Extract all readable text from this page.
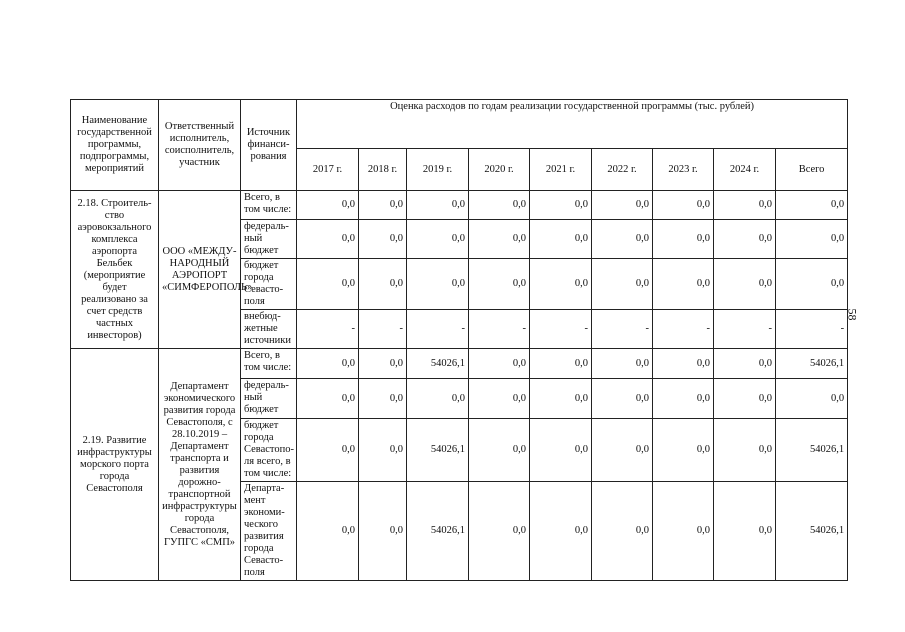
Наименование государственной программы, подпрограммы, мероприятий	Ответственный исполнитель, соисполнитель, участник	Источник финанси-рования	Оценка расходов по годам реализации государственной программы (тыс. рублей)								
			2017 г.	2018 г.	2019 г.	2020 г.	2021 г.	2022 г.	2023 г.	2024 г.	Всего
2.18. Строитель-ство аэровокзального комплекса аэропорта Бельбек (мероприятие будет реализовано за счет средств частных инвесторов)	ООО «МЕЖДУ-НАРОДНЫЙ АЭРОПОРТ «СИМФЕРОПОЛЬ»	Всего, в том числе:	0,0	0,0	0,0	0,0	0,0	0,0	0,0	0,0	0,0
		федераль-ный бюджет	0,0	0,0	0,0	0,0	0,0	0,0	0,0	0,0	0,0
		бюджет города Севасто-поля	0,0	0,0	0,0	0,0	0,0	0,0	0,0	0,0	0,0
		внебюд-жетные источники	-	-	-	-	-	-	-	-	-
2.19. Развитие инфраструктуры морского порта города Севастополя	Департамент экономического развития города Севастополя, с 28.10.2019 – Департамент транспорта и развития дорожно-транспортной инфраструктуры города Севастополя, ГУПГС «СМП»	Всего, в том числе:	0,0	0,0	54026,1	0,0	0,0	0,0	0,0	0,0	54026,1
		федераль-ный бюджет	0,0	0,0	0,0	0,0	0,0	0,0	0,0	0,0	0,0
		бюджет города Севастопо-ля всего, в том числе:	0,0	0,0	54026,1	0,0	0,0	0,0	0,0	0,0	54026,1
		Департа-мент экономи-ческого развития города Севасто-поля	0,0	0,0	54026,1	0,0	0,0	0,0	0,0	0,0	54026,1
58
